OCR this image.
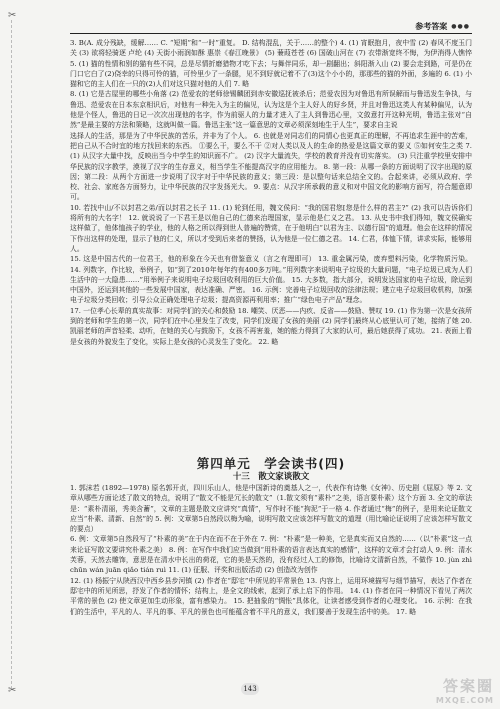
✂
✂
参考答案 ●●●

3. B(A. 成分残缺，缓解…… C. “短期”和“一时”重复。 D. 结构混乱，关于……的整个) 4. (1) 宵眠抱月，夜中雪 (2) 春风不度玉门关 (3) 欲将轻骑逐 卢纶 (4) 天街小雨润如酥 惠崇《春江晚景》 (5) 蒹葭苍苍 (6) 国破山河在 (7) 衣带渐宽终不悔，为伊消得人憔悴 5. (1) 猫的性情和别的猫有些不同，总是尽情折磨猎物才吃下去；与舞伴同乐，却一剧翻出；斜阳渐入山 (2) 要会走到路，可是仍在门口它白了(2)侥幸的只得可怜的猫，可怜里少了一条腿，见不到好就记着不了(3)这个小小的，那那些的猫的外面，多遍的 6. (1) 小猫和它的主人们在一只的(2)人们对这只猫对他的人们 7. 略

8. (1) 它是古屋里的哪些小角落 (2) 范爱农的老师徐锡麟团到赤安徽巡抚被杀后；范爱农因为对鲁迅有所误解而与鲁迅发生争执，与鲁迅、范爱农在日本东京相识后，对他有一种先入为主的偏见，认为这是个主人好人的好乡贤，并且对鲁迅这类人有某种偏见，认为他是个怪人，鲁迅的日记一次次出现他的名字，作为前驱人的力量才进入了主人到鲁迅心里，文敛意打开这种光明，鲁迅主张对“自然”是最主要的方法和策略，这就叫做一篇。鲁迅主张“这一篇意思的文章必须深刻地生于人生”，要求自主说

选择人的生活，那是为了中华民族的苦乐，并非为了个人。 6. 也就是对同志们的同情心也更真正的理解，不再追求生涯中的苦难，把自己从不合时宜的地方找回来的东西。 ①要么干，要么不干 ②对人类以及人的生命的热爱是这篇文章的要义 ⑤如何安生之类 7. (1) 从汉字大量中找，反映出当今中学生的知识面不广。 (2) 汉字大量流失，学校的教育并没有切实落实。 (3) 只注重学校里安排中华民族的汉字教学，漠视了汉字的生存意义，相当学生不能提高汉字的应用能力。 8. 第一段：从哪一条的方面说明了汉字出现的原因；第二段：从两个方面进一步说明了汉字对于中华民族的意义；第三段：是以整句话来总结全文的。合起来讲，必须从政府、学校、社会、家庭各方面努力，让中华民族的汉字发扬光大。 9. 要点：从汉字所承载的意义和对中国文化的影响方面写，符合题意即可。

10. 若找中山/不以封君之弟/而以封君之长子 11. (1) 轮到任用，魏文侯问：“我的国君您[您是什么样的君主?” (2) 我可以告诉你们将所有的大名字！ 12. 就说说了一下君王是以他自己的仁德来治理国家，显示他是仁义之君。 13. 从史书中我们得知，魏文侯确实这样做了，他体恤孩子的学业，他的人格之所以得到世人普遍的赞赏，在于他明白“以君为主、以德行国”的道理。他会在这样的情况下作出这样的处理，显示了他的仁义，所以才受到后来者的赞扬，认为他是一位仁德之君。 14. 仁君，体恤下情，讲求实际，能够用人。

15. 这是中国古代的一位君王，他的形象在今天也有借鉴意义（言之有理即可） 13. 重金属污染，废弃塑料污染，化学物质污染。 14. 列数字，作比较，举例子，如“到了2010年每年约有400多万吨。”用列数字来说明电子垃圾的大量问题，“电子垃圾已成为人们生活中的一大隐患……”用举例子来说明电子垃圾回收利用的巨大价值。 15. 大多数，指大部分，说明发达国家的电子垃圾，除运到中国外，还运到其他的一些发展中国家，表达准确、严密。 16. 示例：完善电子垃圾回收的法律法规；建立电子垃圾回收机构，加强电子垃圾分类回收；引导公众正确处理电子垃圾；提高资源再利用率；推广“绿色电子产品”理念。

17. 一位孝心长辈的真实故事：对同学们的关心和鼓励 18. 嘲笑、厌恶——内疚、反省——鼓励、赞叹 19. (1) 作为第一次是女孩所到的老师和学生的第一次，同学们在中心里发生了改变，同学们发现了女孩的美丽 (2) 同学们最终从心底里认可了她，接纳了她 20. 凯丽老师的声音轻柔、动听，在她的关心与鼓励下，女孩不再害羞，她的能力得到了大家的认可，最后她获得了成功。 21. 表面上看是女孩的外貌发生了变化，实际上是女孩的心灵发生了变化。 22. 略

第四单元　学会读书(四)
十三　散文家谈散文

1. 郭沫若 (1892—1978) 原名郭开贞，四川乐山人，他是中国新诗的奠基人之一，代表作有诗集《女神》、历史剧《屈原》等 2. 文章从哪些方面论述了散文的特点，说明了“散文不能是冗长的散文”（1.散文须有“素朴”之美，语言要朴素）这个方面 3. 全文的章法是：“素朴清丽，秀美含蓄”，文章的主题是散文应讲究“真情”，写作时不能“拘泥”于一格 4. 作者通过“梅”的例子，是用来论证散文应当“朴素、清新、自然”的 5. 例：文章第5自然段以梅为喻，说明写散文应该怎样写散文的道理（用比喻论证说明了应该怎样写散文的要点）

6. 例：文章第5自然段写了“朴素的美”在于内在而不在于外在 7. 例：“朴素”是一种美，它是真实而又自然的……（以“朴素”这一点来论证写散文要讲究朴素之美） 8. 例：在写作中我们应当做到“用朴素的语言表达真实的感情”，这样的文章才会打动人 9. 例：清水芙蓉，天然去雕饰，意思是在清水中长出的荷花，它的美是天然的，没有经过人工的修饰，比喻诗文清新自然，不做作 10. jùn zhì chūn wán juān qiǎo tián ruì 11. (1) 征服、评奖和出版活动 (2) 创造改为创作

12. (1) 杨振宁从陕西汉中西乡县步河镇 (2) 作者在“邸宅”中所见的平常景色 13. 内容上，运用环境描写与细节描写，表达了作者在邸宅中的所见所思，抒发了作者的情怀；结构上，是全文的线索，起到了承上启下的作用。 14. (1) 作者在同一种情况下看见了两次平常的景色 (2) 使文章更加生动形象，富有感染力。 15. 把抽象的“惆怅”具体化，让读者感受到作者的心理变化。 16. 示例：在我们的生活中，平凡的人、平凡的事、平凡的景色也可能蕴含着不平凡的意义，我们要善于发现生活中的美。 17. 略

143	答案圈
MXQE.COM
